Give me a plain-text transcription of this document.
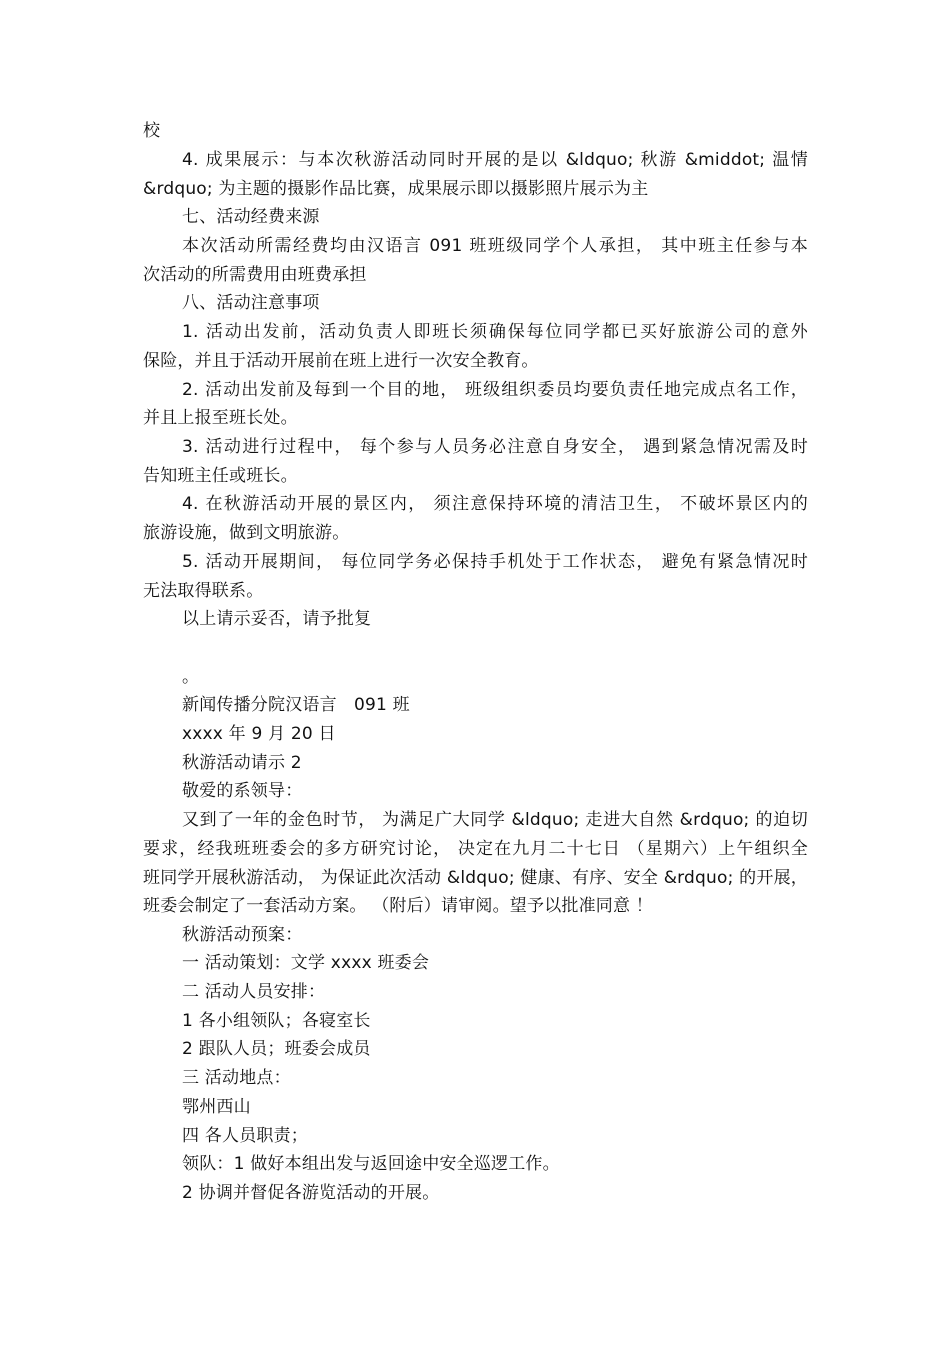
校
4. 成果展示：与本次秋游活动同时开展的是以 &ldquo; 秋游 &middot; 温情
&rdquo; 为主题的摄影作品比赛，成果展示即以摄影照片展示为主
七、活动经费来源
本次活动所需经费均由汉语言 091 班班级同学个人承担， 其中班主任参与本
次活动的所需费用由班费承担
八、活动注意事项
1. 活动出发前，活动负责人即班长须确保每位同学都已买好旅游公司的意外
保险，并且于活动开展前在班上进行一次安全教育。
2. 活动出发前及每到一个目的地， 班级组织委员均要负责任地完成点名工作，
并且上报至班长处。
3. 活动进行过程中， 每个参与人员务必注意自身安全， 遇到紧急情况需及时
告知班主任或班长。
4. 在秋游活动开展的景区内， 须注意保持环境的清洁卫生， 不破坏景区内的
旅游设施，做到文明旅游。
5. 活动开展期间， 每位同学务必保持手机处于工作状态， 避免有紧急情况时
无法取得联系。
以上请示妥否，请予批复
。
新闻传播分院汉语言　091 班
xxxx 年 9 月 20 日
秋游活动请示 2
敬爱的系领导：
又到了一年的金色时节， 为满足广大同学 &ldquo; 走进大自然 &rdquo; 的迫切
要求，经我班班委会的多方研究讨论， 决定在九月二十七日 （星期六）上午组织全
班同学开展秋游活动， 为保证此次活动 &ldquo; 健康、有序、安全 &rdquo; 的开展，
班委会制定了一套活动方案。 （附后）请审阅。望予以批准同意 ！
秋游活动预案：
一 活动策划：文学 xxxx 班委会
二 活动人员安排：
1 各小组领队；各寝室长
2 跟队人员；班委会成员
三 活动地点：
鄂州西山
四 各人员职责；
领队：1 做好本组出发与返回途中安全巡逻工作。
2 协调并督促各游览活动的开展。
